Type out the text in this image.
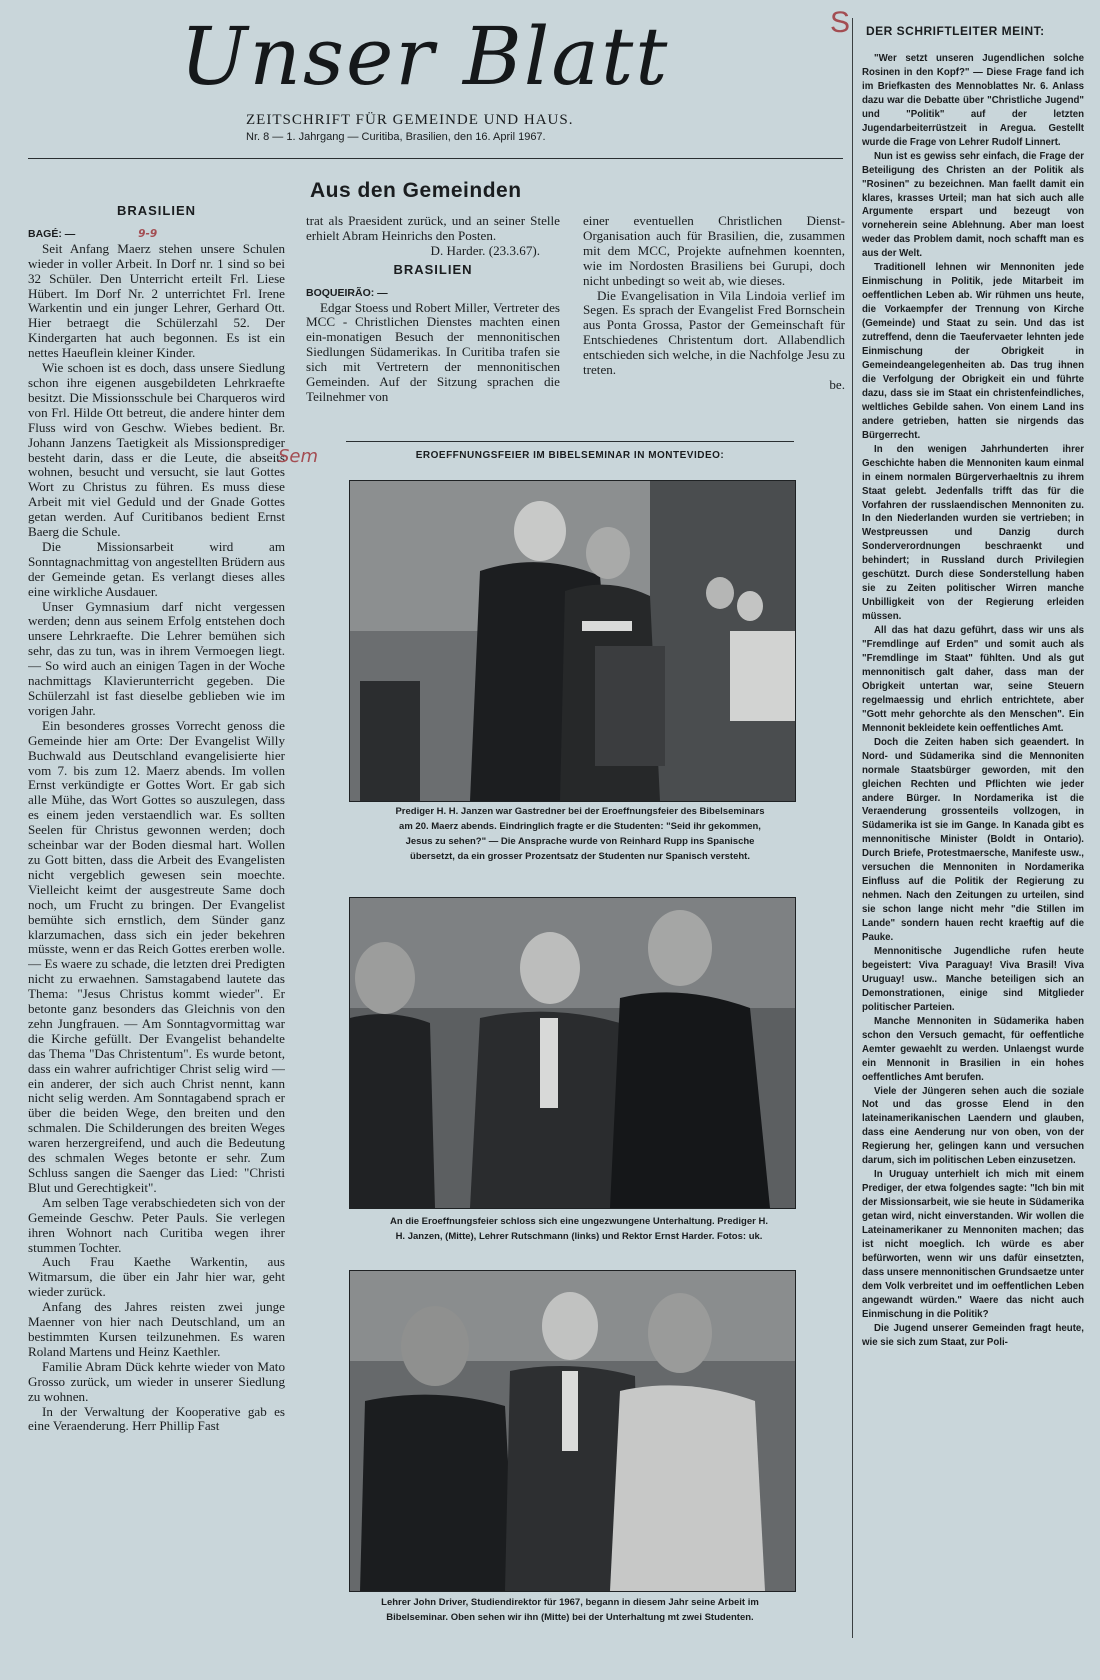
Unser Blatt
ZEITSCHRIFT FÜR GEMEINDE UND HAUS.
Nr. 8 — 1. Jahrgang — Curitiba, Brasilien, den 16. April 1967.
S DER SCHRIFTLEITER MEINT:

"Wer setzt unseren Jugendlichen solche Rosinen in den Kopf?" — Diese Frage fand ich im Briefkasten des Mennoblattes Nr. 6. Anlass dazu war die Debatte über "Christliche Jugend" und "Politik" auf der letzten Jugendarbeiterrüstzeit in Aregua. Gestellt wurde die Frage von Lehrer Rudolf Linnert.

Nun ist es gewiss sehr einfach, die Frage der Beteiligung des Christen an der Politik als "Rosinen" zu bezeichnen. Man faellt damit ein klares, krasses Urteil; man hat sich auch alle Argumente erspart und bezeugt von vorneherein seine Ablehnung. Aber man loest weder das Problem damit, noch schafft man es aus der Welt.

Traditionell lehnen wir Mennoniten jede Einmischung in Politik, jede Mitarbeit im oeffentlichen Leben ab. Wir rühmen uns heute, die Vorkaempfer der Trennung von Kirche (Gemeinde) und Staat zu sein. Und das ist zutreffend, denn die Taeufervaeter lehnten jede Einmischung der Obrigkeit in Gemeindeangelegenheiten ab. Das trug ihnen die Verfolgung der Obrigkeit ein und führte dazu, dass sie im Staat ein christenfeindliches, weltliches Gebilde sahen. Von einem Land ins andere getrieben, hatten sie nirgends das Bürgerrecht.

In den wenigen Jahrhunderten ihrer Geschichte haben die Mennoniten kaum einmal in einem normalen Bürgerverhaeltnis zu ihrem Staat gelebt. Jedenfalls trifft das für die Vorfahren der russlaendischen Mennoniten zu. In den Niederlanden wurden sie vertrieben; in Westpreussen und Danzig durch Sonderverordnungen beschraenkt und behindert; in Russland durch Privilegien geschützt. Durch diese Sonderstellung haben sie zu Zeiten politischer Wirren manche Unbilligkeit von der Regierung erleiden müssen.

All das hat dazu geführt, dass wir uns als "Fremdlinge auf Erden" und somit auch als "Fremdlinge im Staat" fühlten. Und als gut mennonitisch galt daher, dass man der Obrigkeit untertan war, seine Steuern regelmaessig und ehrlich entrichtete, aber "Gott mehr gehorchte als den Menschen". Ein Mennonit bekleidete kein oeffentliches Amt.

Doch die Zeiten haben sich geaendert. In Nord- und Südamerika sind die Mennoniten normale Staatsbürger geworden, mit den gleichen Rechten und Pflichten wie jeder andere Bürger. In Nordamerika ist die Veraenderung grossenteils vollzogen, in Südamerika ist sie im Gange. In Kanada gibt es mennonitische Minister (Boldt in Ontario). Durch Briefe, Protestmaersche, Manifeste usw., versuchen die Mennoniten in Nordamerika Einfluss auf die Politik der Regierung zu nehmen. Nach den Zeitungen zu urteilen, sind sie schon lange nicht mehr "die Stillen im Lande" sondern hauen recht kraeftig auf die Pauke.

Mennonitische Jugendliche rufen heute begeistert: Viva Paraguay! Viva Brasil! Viva Uruguay! usw.. Manche beteiligen sich an Demonstrationen, einige sind Mitglieder politischer Parteien.

Manche Mennoniten in Südamerika haben schon den Versuch gemacht, für oeffentliche Aemter gewaehlt zu werden. Unlaengst wurde ein Mennonit in Brasilien in ein hohes oeffentliches Amt berufen.

Viele der Jüngeren sehen auch die soziale Not und das grosse Elend in den lateinamerikanischen Laendern und glauben, dass eine Aenderung nur von oben, von der Regierung her, gelingen kann und versuchen darum, sich im politischen Leben einzusetzen.

In Uruguay unterhielt ich mich mit einem Prediger, der etwa folgendes sagte: "Ich bin mit der Missionsarbeit, wie sie heute in Südamerika getan wird, nicht einverstanden. Wir wollen die Lateinamerikaner zu Mennoniten machen; das ist nicht moeglich. Ich würde es aber befürworten, wenn wir uns dafür einsetzten, dass unsere mennonitischen Grundsaetze unter dem Volk verbreitet und im oeffentlichen Leben angewandt würden." Waere das nicht auch Einmischung in die Politik?

Die Jugend unserer Gemeinden fragt heute, wie sie sich zum Staat, zur Poli-

Aus den Gemeinden
BRASILIEN

BAGÉ: —	9-9

Seit Anfang Maerz stehen unsere Schulen wieder in voller Arbeit. In Dorf nr. 1 sind so bei 32 Schüler. Den Unterricht erteilt Frl. Liese Hübert. Im Dorf Nr. 2 unterrichtet Frl. Irene Warkentin und ein junger Lehrer, Gerhard Ott. Hier betraegt die Schülerzahl 52. Der Kindergarten hat auch begonnen. Es ist ein nettes Haeuflein kleiner Kinder.

Wie schoen ist es doch, dass unsere Siedlung schon ihre eigenen ausgebildeten Lehrkraefte besitzt. Die Missionsschule bei Charqueros wird von Frl. Hilde Ott betreut, die andere hinter dem Fluss wird von Geschw. Wiebes bedient. Br. Johann Janzens Taetigkeit als Missionsprediger besteht darin, dass er die Leute, die abseits wohnen, besucht und versucht, sie laut Gottes Wort zu Christus zu führen. Es muss diese Arbeit mit viel Geduld und der Gnade Gottes getan werden. Auf Curitibanos bedient Ernst Baerg die Schule.

Die Missionsarbeit wird am Sonntagnachmittag von angestellten Brüdern aus der Gemeinde getan. Es verlangt dieses alles eine wirkliche Ausdauer.

Unser Gymnasium darf nicht vergessen werden; denn aus seinem Erfolg entstehen doch unsere Lehrkraefte. Die Lehrer bemühen sich sehr, das zu tun, was in ihrem Vermoegen liegt. — So wird auch an einigen Tagen in der Woche nachmittags Klavierunterricht gegeben. Die Schülerzahl ist fast dieselbe geblieben wie im vorigen Jahr.

Ein besonderes grosses Vorrecht genoss die Gemeinde hier am Orte: Der Evangelist Willy Buchwald aus Deutschland evangelisierte hier vom 7. bis zum 12. Maerz abends. Im vollen Ernst verkündigte er Gottes Wort. Er gab sich alle Mühe, das Wort Gottes so auszulegen, dass es einem jeden verstaendlich war. Es sollten Seelen für Christus gewonnen werden; doch scheinbar war der Boden diesmal hart. Wollen zu Gott bitten, dass die Arbeit des Evangelisten nicht vergeblich gewesen sein moechte. Vielleicht keimt der ausgestreute Same doch noch, um Frucht zu bringen. Der Evangelist bemühte sich ernstlich, dem Sünder ganz klarzumachen, dass sich ein jeder bekehren müsste, wenn er das Reich Gottes ererben wolle. — Es waere zu schade, die letzten drei Predigten nicht zu erwaehnen. Samstagabend lautete das Thema: "Jesus Christus kommt wieder". Er betonte ganz besonders das Gleichnis von den zehn Jungfrauen. — Am Sonntagvormittag war die Kirche gefüllt. Der Evangelist behandelte das Thema "Das Christentum". Es wurde betont, dass ein wahrer aufrichtiger Christ selig wird — ein anderer, der sich auch Christ nennt, kann nicht selig werden. Am Sonntagabend sprach er über die beiden Wege, den breiten und den schmalen. Die Schilderungen des breiten Weges waren herzergreifend, und auch die Bedeutung des schmalen Weges betonte er sehr. Zum Schluss sangen die Saenger das Lied: "Christi Blut und Gerechtigkeit".

Am selben Tage verabschiedeten sich von der Gemeinde Geschw. Peter Pauls. Sie verlegen ihren Wohnort nach Curitiba wegen ihrer stummen Tochter.

Auch Frau Kaethe Warkentin, aus Witmarsum, die über ein Jahr hier war, geht wieder zurück.

Anfang des Jahres reisten zwei junge Maenner von hier nach Deutschland, um an bestimmten Kursen teilzunehmen. Es waren Roland Martens und Heinz Kaethler.

Familie Abram Dück kehrte wieder von Mato Grosso zurück, um wieder in unserer Siedlung zu wohnen.

In der Verwaltung der Kooperative gab es eine Veraenderung. Herr Phillip Fast

trat als Praesident zurück, und an seiner Stelle erhielt Abram Heinrichs den Posten.

D. Harder. (23.3.67).

BRASILIEN

BOQUEIRÃO: —

Edgar Stoess und Robert Miller, Vertreter des MCC - Christlichen Dienstes machten einen ein-monatigen Besuch der mennonitischen Siedlungen Südamerikas. In Curitiba trafen sie sich mit Vertretern der mennonitischen Gemeinden. Auf der Sitzung sprachen die Teilnehmer von

einer eventuellen Christlichen Dienst-Organisation auch für Brasilien, die, zusammen mit dem MCC, Projekte aufnehmen koennten, wie im Nordosten Brasiliens bei Gurupi, doch nicht unbedingt so weit ab, wie dieses.

Die Evangelisation in Vila Lindoia verlief im Segen. Es sprach der Evangelist Fred Bornschein aus Ponta Grossa, Pastor der Gemeinschaft für Entschiedenes Christentum dort. Allabendlich entschieden sich welche, in die Nachfolge Jesu zu treten.

be.

EROEFFNUNGSFEIER IM BIBELSEMINAR IN MONTEVIDEO:
Sem
Prediger H. H. Janzen war Gastredner bei der Eroeffnungsfeier des Bibelseminars am 20. Maerz abends. Eindringlich fragte er die Studenten: "Seid ihr gekommen, Jesus zu sehen?" — Die Ansprache wurde von Reinhard Rupp ins Spanische übersetzt, da ein grosser Prozentsatz der Studenten nur Spanisch versteht.
An die Eroeffnungsfeier schloss sich eine ungezwungene Unterhaltung. Prediger H. H. Janzen, (Mitte), Lehrer Rutschmann (links) und Rektor Ernst Harder. Fotos: uk.
Lehrer John Driver, Studiendirektor für 1967, begann in diesem Jahr seine Arbeit im Bibelseminar. Oben sehen wir ihn (Mitte) bei der Unterhaltung mt zwei Studenten.
